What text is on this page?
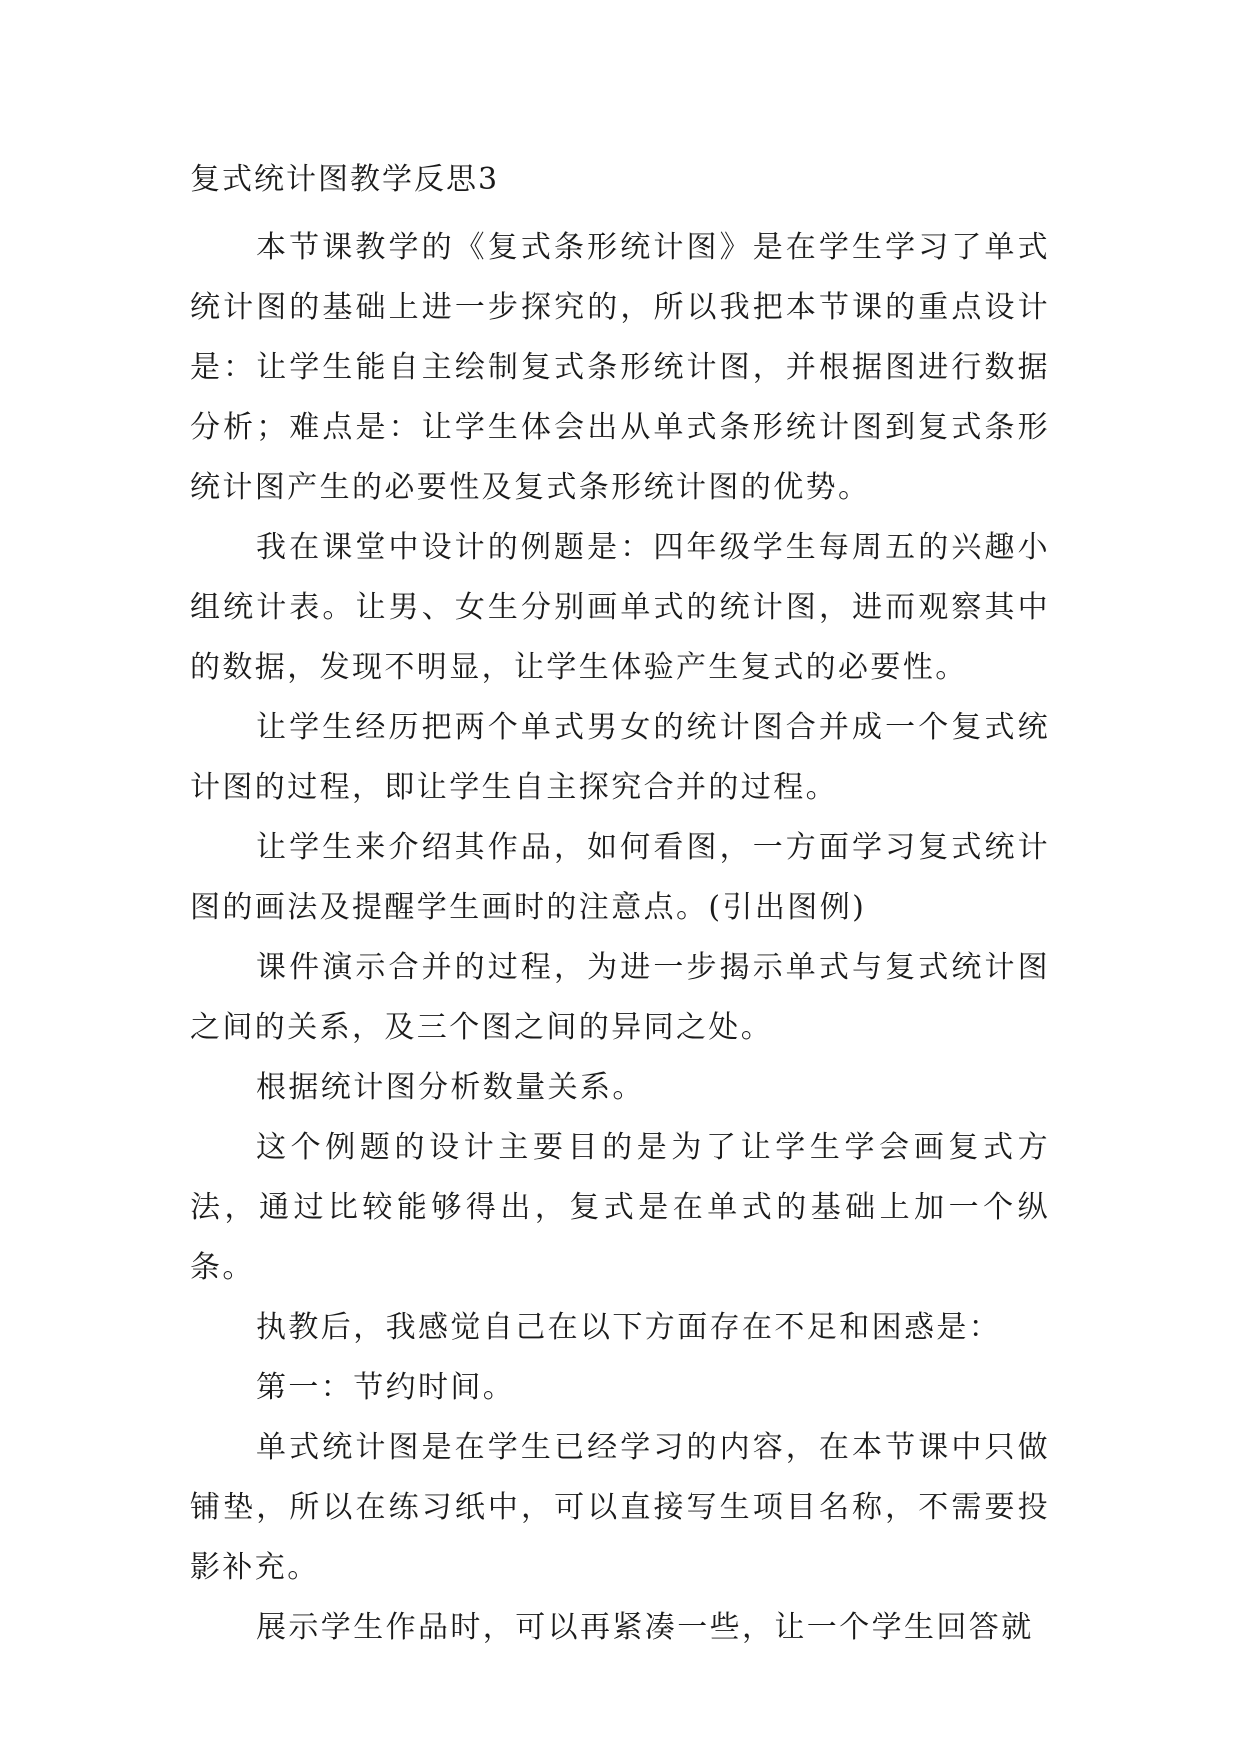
复式统计图教学反思3

本节课教学的《复式条形统计图》是在学生学习了单式统计图的基础上进一步探究的，所以我把本节课的重点设计是：让学生能自主绘制复式条形统计图，并根据图进行数据分析；难点是：让学生体会出从单式条形统计图到复式条形统计图产生的必要性及复式条形统计图的优势。

我在课堂中设计的例题是：四年级学生每周五的兴趣小组统计表。让男、女生分别画单式的统计图，进而观察其中的数据，发现不明显，让学生体验产生复式的必要性。

让学生经历把两个单式男女的统计图合并成一个复式统计图的过程，即让学生自主探究合并的过程。

让学生来介绍其作品，如何看图，一方面学习复式统计图的画法及提醒学生画时的注意点。(引出图例)

课件演示合并的过程，为进一步揭示单式与复式统计图之间的关系，及三个图之间的异同之处。

根据统计图分析数量关系。

这个例题的设计主要目的是为了让学生学会画复式方法，通过比较能够得出，复式是在单式的基础上加一个纵条。

执教后，我感觉自己在以下方面存在不足和困惑是：

第一：节约时间。

单式统计图是在学生已经学习的内容，在本节课中只做铺垫，所以在练习纸中，可以直接写生项目名称，不需要投影补充。

展示学生作品时，可以再紧凑一些，让一个学生回答就
